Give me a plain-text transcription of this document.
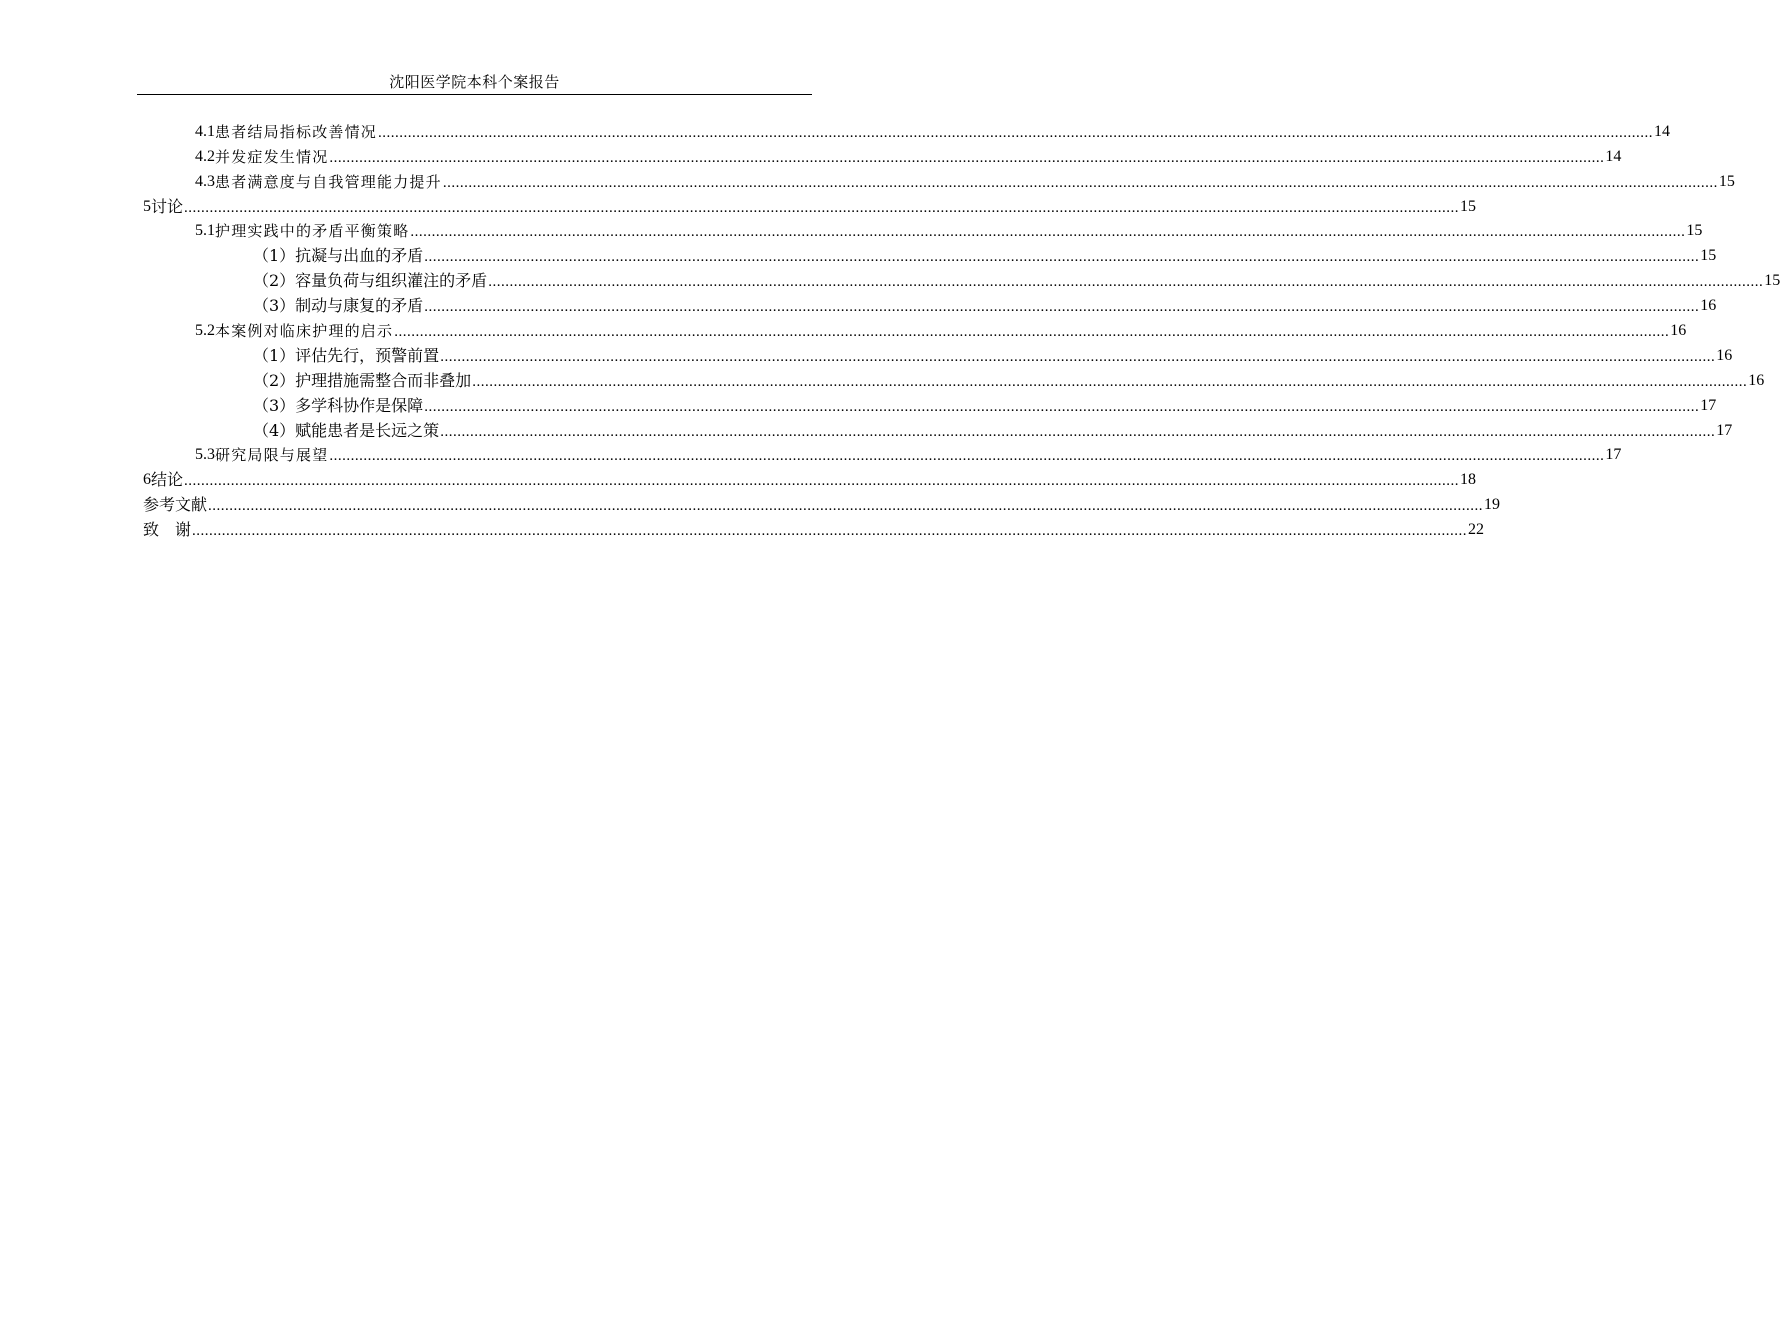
沈阳医学院本科个案报告
4.1 患者结局指标改善情况 ............................................................................................................................................................................................................................................................................................................ 14
4.2 并发症发生情况 ............................................................................................................................................................................................................................................................................................................ 14
4.3 患者满意度与自我管理能力提升 ............................................................................................................................................................................................................................................................................................................ 15
5 讨论 ............................................................................................................................................................................................................................................................................................................ 15
5.1 护理实践中的矛盾平衡策略 ............................................................................................................................................................................................................................................................................................................ 15
（1）抗凝与出血的矛盾 ............................................................................................................................................................................................................................................................................................................ 15
（2）容量负荷与组织灌注的矛盾 ............................................................................................................................................................................................................................................................................................................ 15
（3）制动与康复的矛盾 ............................................................................................................................................................................................................................................................................................................ 16
5.2 本案例对临床护理的启示 ............................................................................................................................................................................................................................................................................................................ 16
（1）评估先行，预警前置 ............................................................................................................................................................................................................................................................................................................ 16
（2）护理措施需整合而非叠加 ............................................................................................................................................................................................................................................................................................................ 16
（3）多学科协作是保障 ............................................................................................................................................................................................................................................................................................................ 17
（4）赋能患者是长远之策 ............................................................................................................................................................................................................................................................................................................ 17
5.3 研究局限与展望 ............................................................................................................................................................................................................................................................................................................ 17
6 结论 ............................................................................................................................................................................................................................................................................................................ 18
参考文献 ............................................................................................................................................................................................................................................................................................................ 19
致　谢 ............................................................................................................................................................................................................................................................................................................ 22
